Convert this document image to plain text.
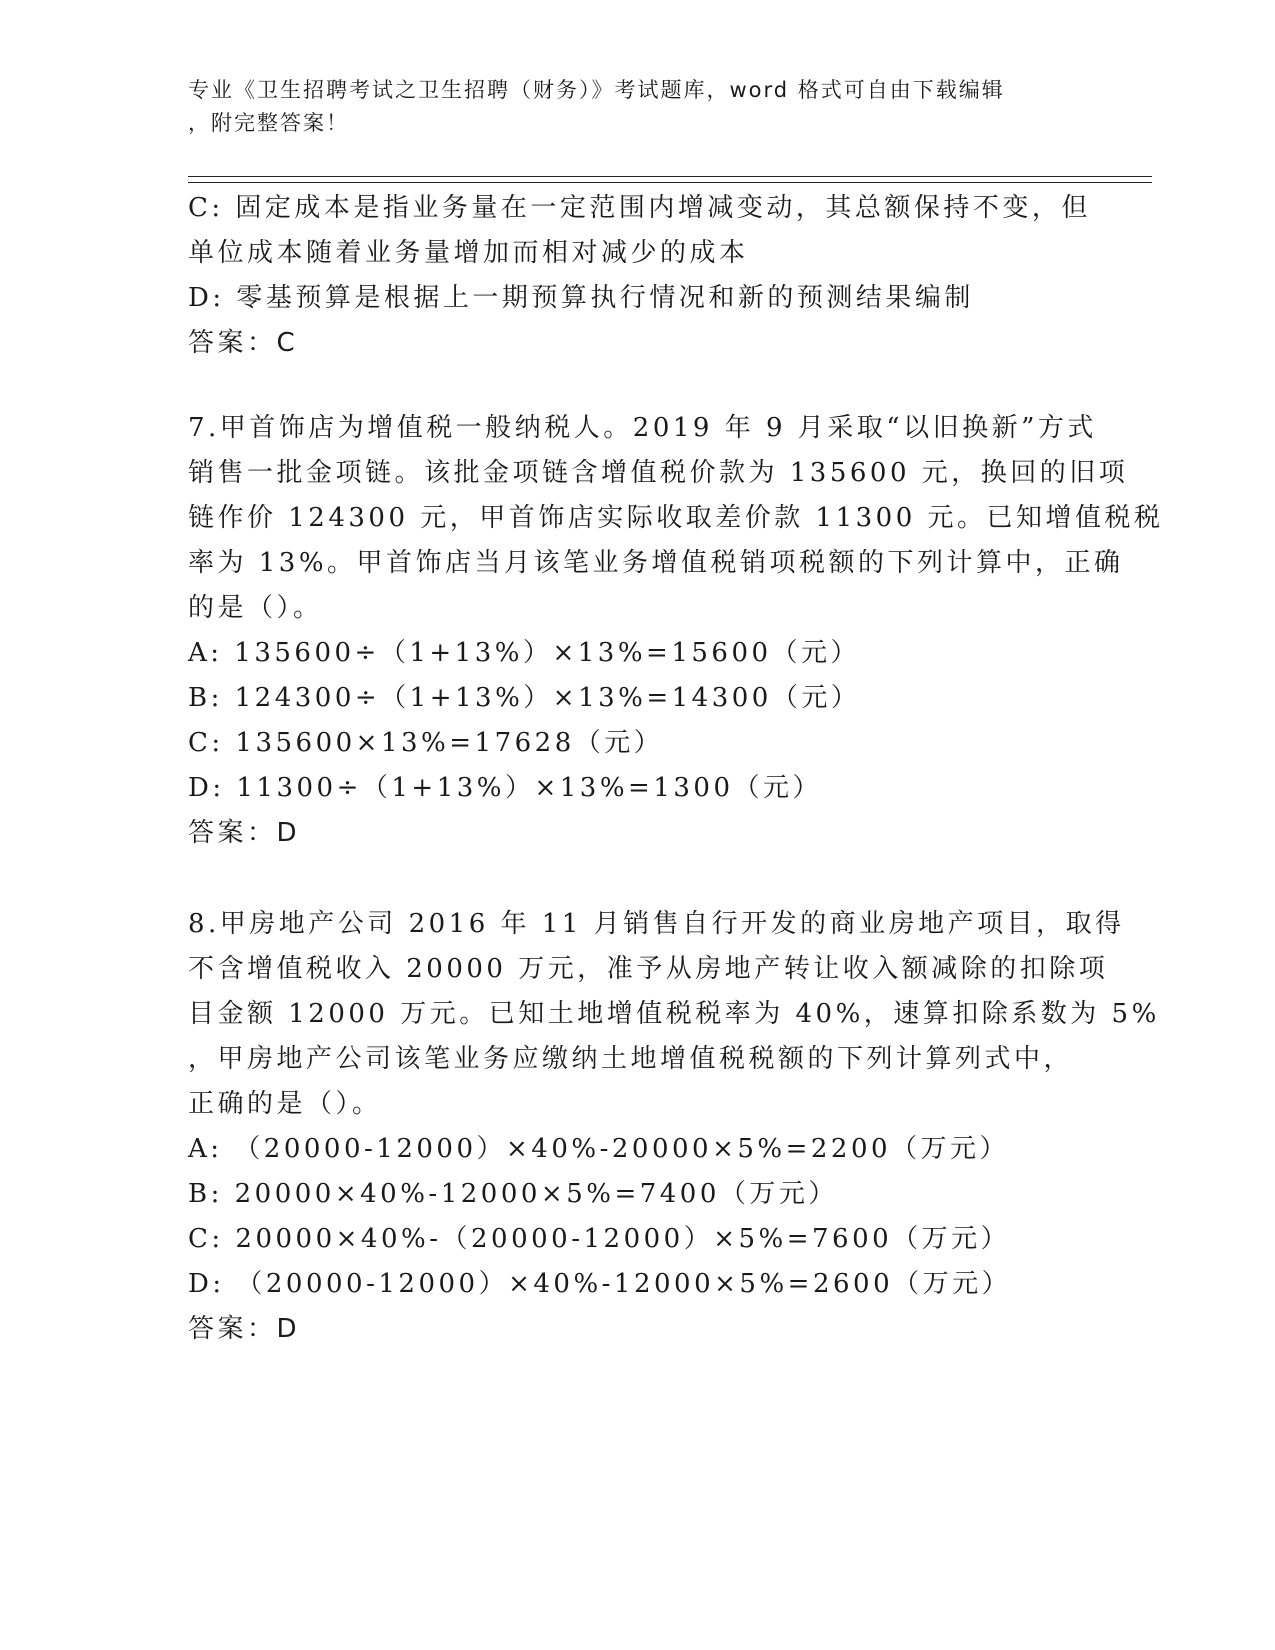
专业《卫生招聘考试之卫生招聘（财务）》考试题库，word 格式可自由下载编辑
，附完整答案！
C: 固定成本是指业务量在一定范围内增减变动，其总额保持不变，但
单位成本随着业务量增加而相对减少的成本
D: 零基预算是根据上一期预算执行情况和新的预测结果编制
答案：C
7.甲首饰店为增值税一般纳税人。2019 年 9 月采取“以旧换新”方式
销售一批金项链。该批金项链含增值税价款为 135600 元，换回的旧项
链作价 124300 元，甲首饰店实际收取差价款 11300 元。已知增值税税
率为 13%。甲首饰店当月该笔业务增值税销项税额的下列计算中，正确
的是（）。
A: 135600÷（1+13%）×13%=15600（元）
B: 124300÷（1+13%）×13%=14300（元）
C: 135600×13%=17628（元）
D: 11300÷（1+13%）×13%=1300（元）
答案：D
8.甲房地产公司 2016 年 11 月销售自行开发的商业房地产项目，取得
不含增值税收入 20000 万元，准予从房地产转让收入额减除的扣除项
目金额 12000 万元。已知土地增值税税率为 40%，速算扣除系数为 5%
，甲房地产公司该笔业务应缴纳土地增值税税额的下列计算列式中，
正确的是（）。
A: （20000-12000）×40%-20000×5%=2200（万元）
B: 20000×40%-12000×5%=7400（万元）
C: 20000×40%-（20000-12000）×5%=7600（万元）
D: （20000-12000）×40%-12000×5%=2600（万元）
答案：D
